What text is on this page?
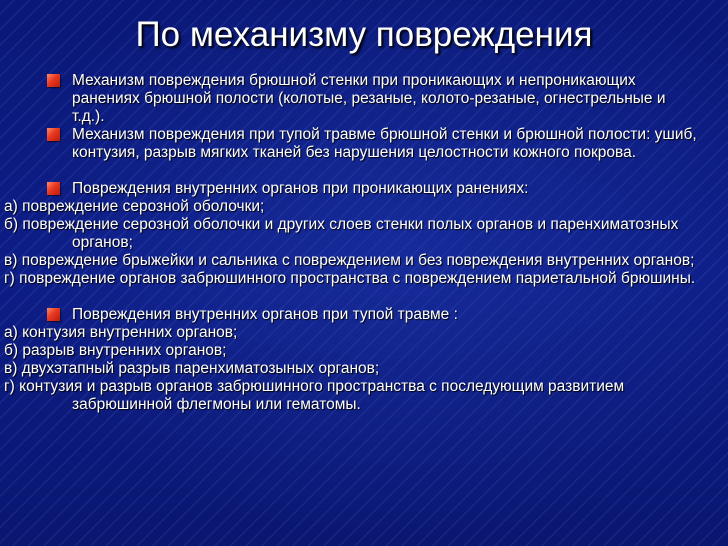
По механизму повреждения
Механизм повреждения брюшной стенки при проникающих и непроникающих ранениях брюшной полости (колотые, резаные, колото-резаные, огнестрельные и т.д.).
Механизм повреждения при тупой травме брюшной стенки и брюшной полости: ушиб, контузия, разрыв мягких тканей без нарушения целостности кожного покрова.
Повреждения внутренних органов при проникающих ранениях:
а) повреждение серозной оболочки;
б) повреждение серозной оболочки и других слоев стенки полых органов и паренхиматозных органов;
в) повреждение брыжейки и сальника с повреждением и без повреждения внутренних органов;
г) повреждение органов забрюшинного пространства с повреждением париетальной брюшины.
Повреждения внутренних органов при тупой травме :
а) контузия внутренних органов;
б) разрыв внутренних органов;
в) двухэтапный разрыв паренхиматозыных органов;
г) контузия и разрыв органов забрюшинного пространства с последующим развитием забрюшинной флегмоны или гематомы.
